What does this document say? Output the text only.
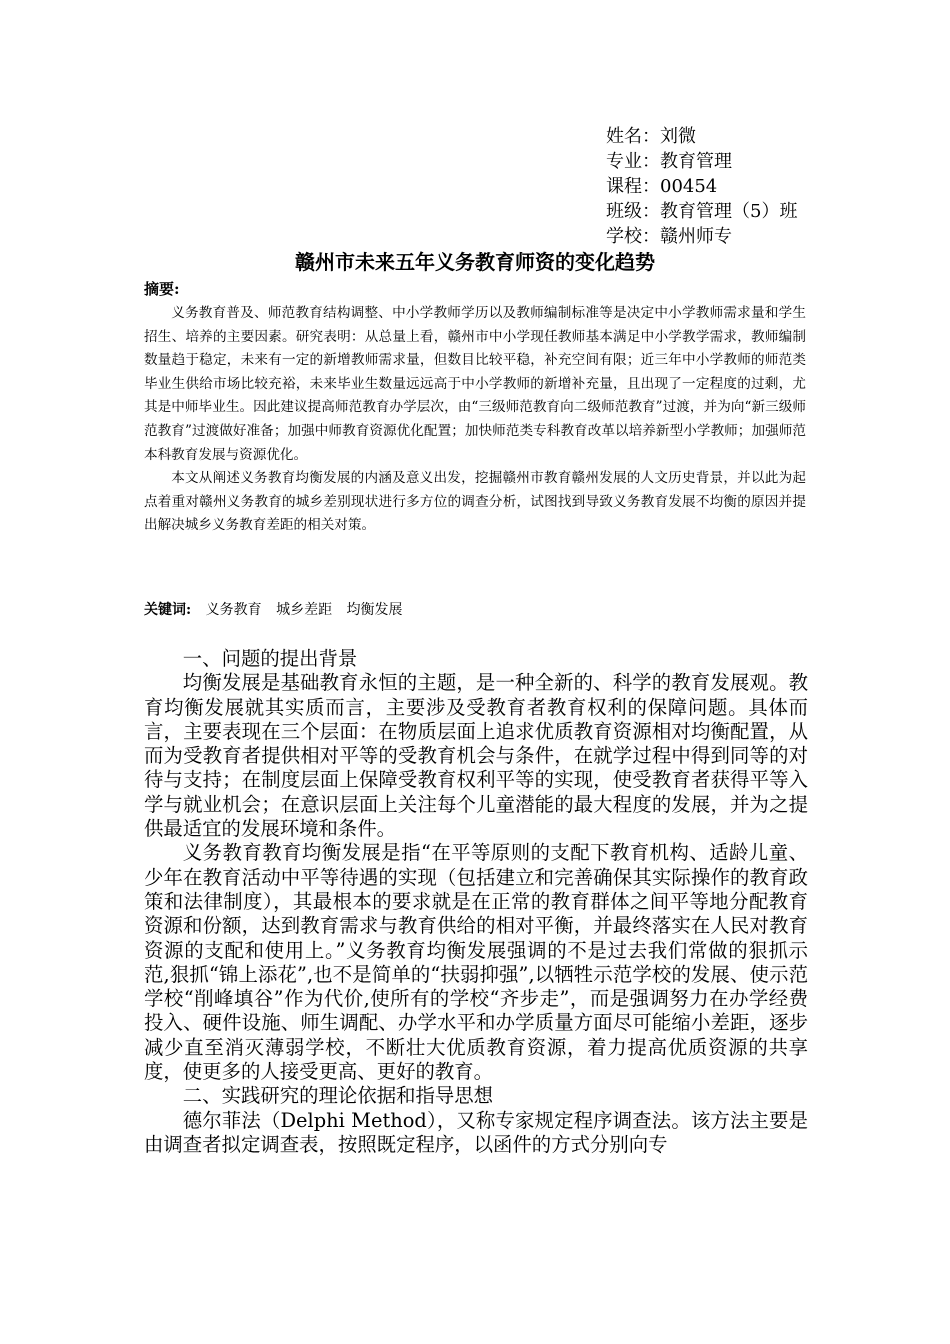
姓名：刘微
专业：教育管理
课程：00454
班级：教育管理（5）班
学校：赣州师专
赣州市未来五年义务教育师资的变化趋势
摘要:

义务教育普及、师范教育结构调整、中小学教师学历以及教师编制标准等是决定中小学教师需求量和学生招生、培养的主要因素。研究表明：从总量上看，赣州市中小学现任教师基本满足中小学教学需求，教师编制数量趋于稳定，未来有一定的新增教师需求量，但数目比较平稳，补充空间有限；近三年中小学教师的师范类毕业生供给市场比较充裕，未来毕业生数量远远高于中小学教师的新增补充量，且出现了一定程度的过剩，尤其是中师毕业生。因此建议提高师范教育办学层次，由“三级师范教育向二级师范教育”过渡，并为向“新三级师范教育”过渡做好准备；加强中师教育资源优化配置；加快师范类专科教育改革以培养新型小学教师；加强师范本科教育发展与资源优化。

本文从阐述义务教育均衡发展的内涵及意义出发，挖掘赣州市教育赣州发展的人文历史背景，并以此为起点着重对赣州义务教育的城乡差别现状进行多方位的调查分析，试图找到导致义务教育发展不均衡的原因并提出解决城乡义务教育差距的相关对策。

关键词: 义务教育 城乡差距 均衡发展

一、问题的提出背景

均衡发展是基础教育永恒的主题，是一种全新的、科学的教育发展观。教育均衡发展就其实质而言，主要涉及受教育者教育权利的保障问题。具体而言，主要表现在三个层面：在物质层面上追求优质教育资源相对均衡配置，从而为受教育者提供相对平等的受教育机会与条件，在就学过程中得到同等的对待与支持；在制度层面上保障受教育权利平等的实现，使受教育者获得平等入学与就业机会；在意识层面上关注每个儿童潜能的最大程度的发展，并为之提供最适宜的发展环境和条件。

义务教育教育均衡发展是指“在平等原则的支配下教育机构、适龄儿童、少年在教育活动中平等待遇的实现（包括建立和完善确保其实际操作的教育政策和法律制度），其最根本的要求就是在正常的教育群体之间平等地分配教育资源和份额，达到教育需求与教育供给的相对平衡，并最终落实在人民对教育资源的支配和使用上。”义务教育均衡发展强调的不是过去我们常做的狠抓示范,狠抓“锦上添花”,也不是简单的“扶弱抑强”,以牺牲示范学校的发展、使示范学校“削峰填谷”作为代价,使所有的学校“齐步走”，而是强调努力在办学经费投入、硬件设施、师生调配、办学水平和办学质量方面尽可能缩小差距，逐步减少直至消灭薄弱学校，不断壮大优质教育资源，着力提高优质资源的共享度，使更多的人接受更高、更好的教育。

二、实践研究的理论依据和指导思想

德尔菲法（Delphi Method），又称专家规定程序调查法。该方法主要是由调查者拟定调查表，按照既定程序，以函件的方式分别向专
